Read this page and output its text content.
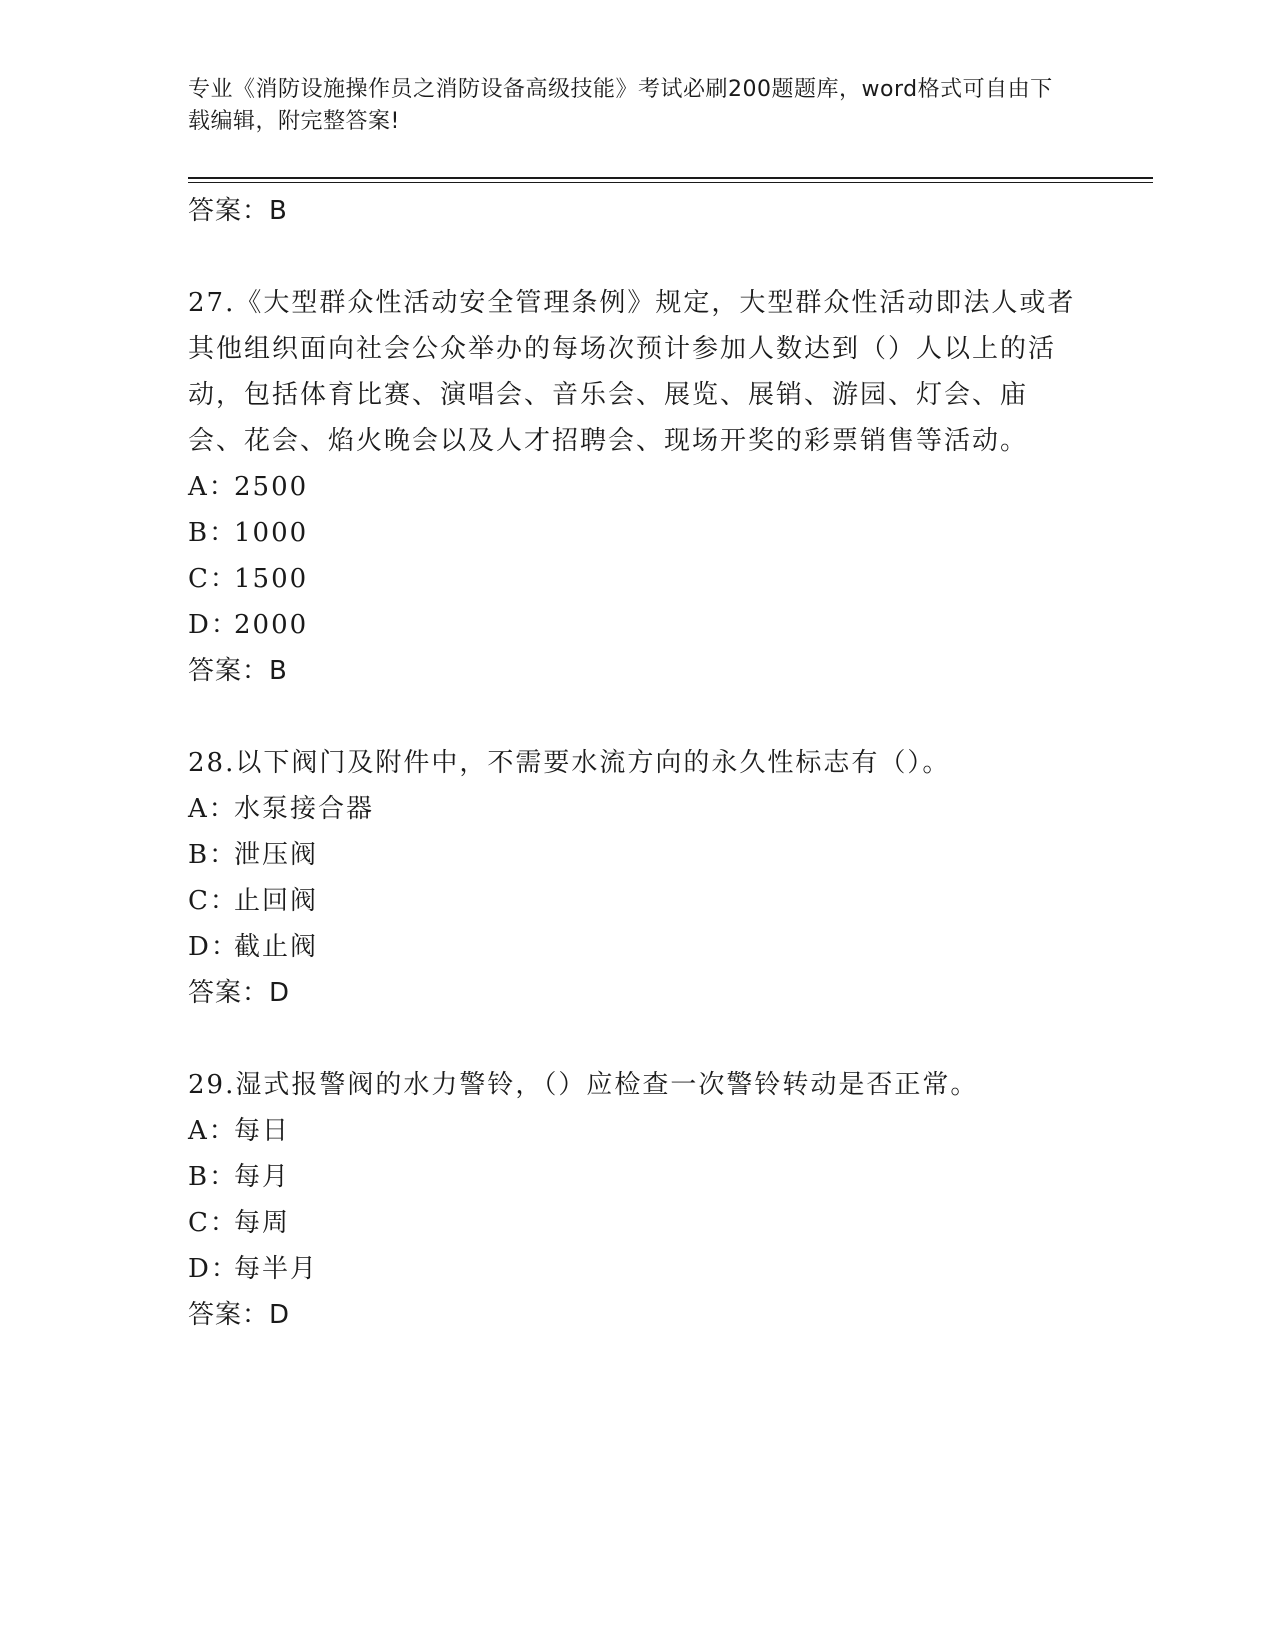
专业《消防设施操作员之消防设备高级技能》考试必刷200题题库，word格式可自由下载编辑，附完整答案!
答案：B
27.《大型群众性活动安全管理条例》规定，大型群众性活动即法人或者其他组织面向社会公众举办的每场次预计参加人数达到（）人以上的活动，包括体育比赛、演唱会、音乐会、展览、展销、游园、灯会、庙会、花会、焰火晚会以及人才招聘会、现场开奖的彩票销售等活动。
A：2500
B：1000
C：1500
D：2000
答案：B
28.以下阀门及附件中，不需要水流方向的永久性标志有（）。
A：水泵接合器
B：泄压阀
C：止回阀
D：截止阀
答案：D
29.湿式报警阀的水力警铃，（）应检查一次警铃转动是否正常。
A：每日
B：每月
C：每周
D：每半月
答案：D
